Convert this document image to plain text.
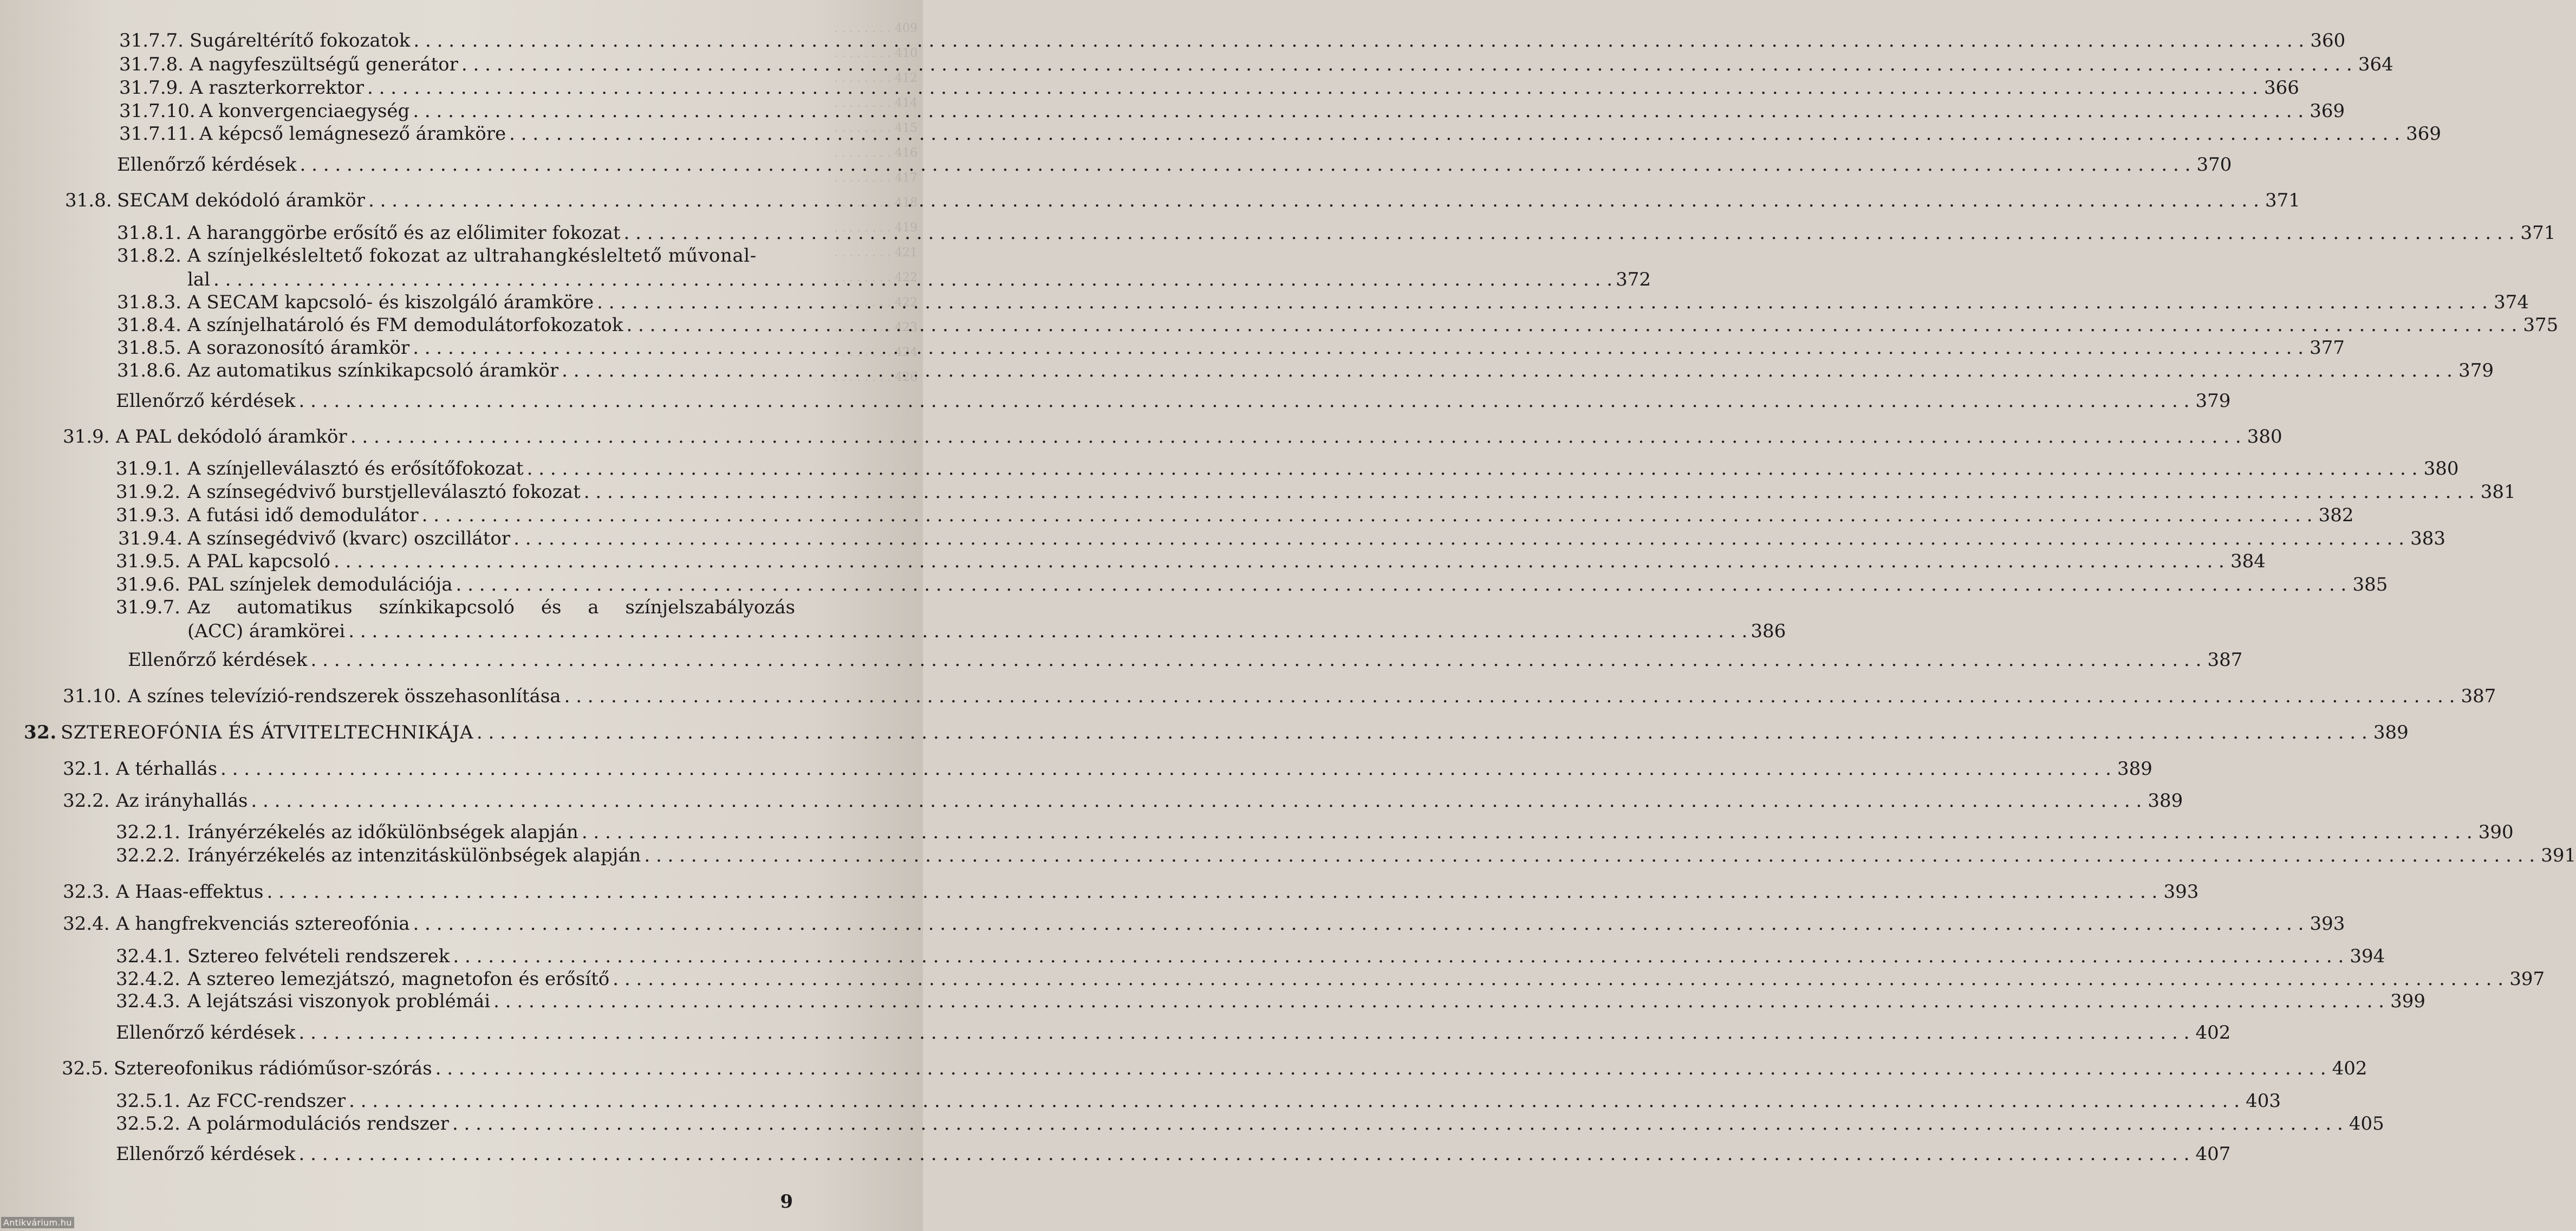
. . . . . . . . 409
. . . . . . . . 410
. . . . . . . . 412
. . . . . . . . 414
. . . . . . . . 415
. . . . . . . . 416
. . . . . . . . 417
. . . . . . . . 418
. . . . . . . . 419
. . . . . . . . 421
. . . . . . . . 422
. . . . . . . . 422
. . . . . . . . 423
. . . . . . . . 424
. . . . . . . . 426
31.7.7. Sugáreltérítő fokozatok . . .	360
31.7.8. A nagyfeszültségű generátor . . .	364
31.7.9. A raszterkorrektor . . .	366
31.7.10. A konvergenciaegység . . .	369
31.7.11. A képcső lemágnesező áramköre . . .	369
Ellenőrző kérdések . . .	370
31.8. SECAM dekódoló áramkör . . .	371
31.8.1. A haranggörbe erősítő és az előlimiter fokozat . . .	371
31.8.2. A színjelkésleltető fokozat az ultrahangkésleltető művonal-
lal . . .	372
31.8.3. A SECAM kapcsoló- és kiszolgáló áramköre . . .	374
31.8.4. A színjelhatároló és FM demodulátorfokozatok . . .	375
31.8.5. A sorazonosító áramkör . . .	377
31.8.6. Az automatikus színkikapcsoló áramkör . . .	379
Ellenőrző kérdések . . .	379
31.9. A PAL dekódoló áramkör . . .	380
31.9.1. A színjelleválasztó és erősítőfokozat . . .	380
31.9.2. A színsegédvivő burstjelleválasztó fokozat . . .	381
31.9.3. A futási idő demodulátor . . .	382
31.9.4. A színsegédvivő (kvarc) oszcillátor . . .	383
31.9.5. A PAL kapcsoló . . .	384
31.9.6. PAL színjelek demodulációja . . .	385
31.9.7. Az automatikus színkikapcsoló és a színjelszabályozás
(ACC) áramkörei . . .	386
Ellenőrző kérdések . . .	387
31.10. A színes televízió-rendszerek összehasonlítása . . .	387
32. SZTEREOFÓNIA ÉS ÁTVITELTECHNIKÁJA . . .	389
32.1. A térhallás . . .	389
32.2. Az irányhallás . . .	389
32.2.1. Irányérzékelés az időkülönbségek alapján . . .	390
32.2.2. Irányérzékelés az intenzitáskülönbségek alapján . . .	391
32.3. A Haas-effektus . . .	393
32.4. A hangfrekvenciás sztereofónia . . .	393
32.4.1. Sztereo felvételi rendszerek . . .	394
32.4.2. A sztereo lemezjátszó, magnetofon és erősítő . . .	397
32.4.3. A lejátszási viszonyok problémái . . .	399
Ellenőrző kérdések . . .	402
32.5. Sztereofonikus rádióműsor-szórás . . .	402
32.5.1. Az FCC-rendszer . . .	403
32.5.2. A polármodulációs rendszer . . .	405
Ellenőrző kérdések . . .	407
9
Antikvárium.hu
